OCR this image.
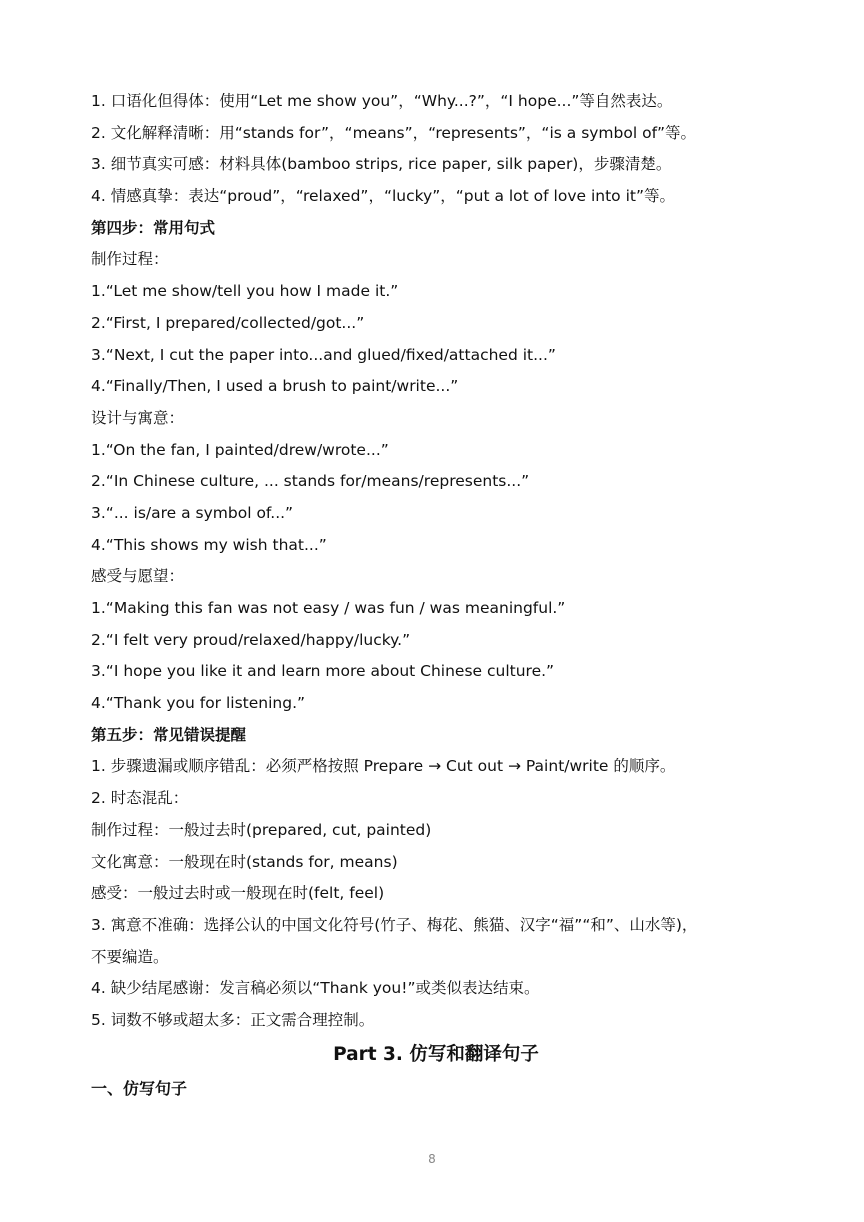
1. 口语化但得体：使用“Let me show you”，“Why...?”，“I hope...”等自然表达。
2. 文化解释清晰：用“stands for”，“means”，“represents”，“is a symbol of”等。
3. 细节真实可感：材料具体(bamboo strips, rice paper, silk paper)，步骤清楚。
4. 情感真挚：表达“proud”，“relaxed”，“lucky”，“put a lot of love into it”等。
第四步：常用句式
制作过程：
1.“Let me show/tell you how I made it.”
2.“First, I prepared/collected/got...”
3.“Next, I cut the paper into...and glued/fixed/attached it...”
4.“Finally/Then, I used a brush to paint/write...”
设计与寓意：
1.“On the fan, I painted/drew/wrote...”
2.“In Chinese culture, ... stands for/means/represents...”
3.“... is/are a symbol of...”
4.“This shows my wish that...”
感受与愿望：
1.“Making this fan was not easy / was fun / was meaningful.”
2.“I felt very proud/relaxed/happy/lucky.”
3.“I hope you like it and learn more about Chinese culture.”
4.“Thank you for listening.”
第五步：常见错误提醒
1. 步骤遗漏或顺序错乱：必须严格按照 Prepare → Cut out → Paint/write 的顺序。
2. 时态混乱：
制作过程：一般过去时(prepared, cut, painted)
文化寓意：一般现在时(stands for, means)
感受：一般过去时或一般现在时(felt, feel)
3. 寓意不准确：选择公认的中国文化符号(竹子、梅花、熊猫、汉字“福”“和”、山水等)，
不要编造。
4. 缺少结尾感谢：发言稿必须以“Thank you!”或类似表达结束。
5. 词数不够或超太多：正文需合理控制。
Part 3. 仿写和翻译句子
一、仿写句子
8
